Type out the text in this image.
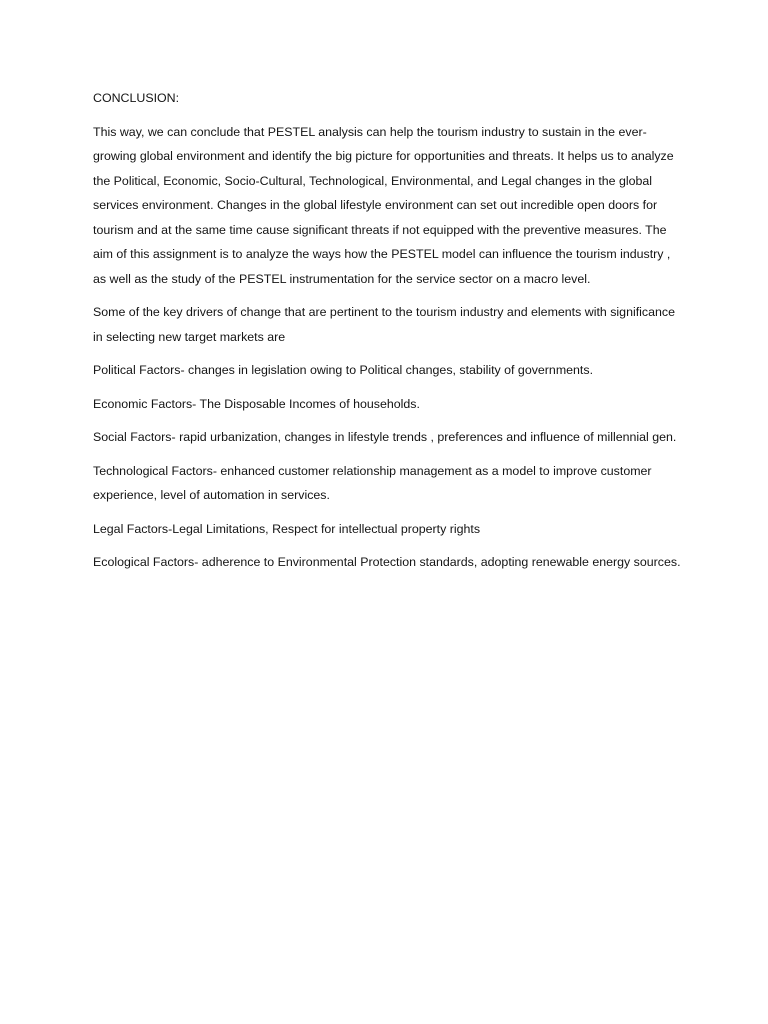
CONCLUSION:

This way, we can conclude that PESTEL analysis can help the tourism industry to sustain in the ever-growing global environment and identify the big picture for opportunities and threats. It helps us to analyze the Political, Economic, Socio-Cultural, Technological, Environmental, and Legal changes in the global services environment. Changes in the global lifestyle environment can set out incredible open doors for tourism and at the same time cause significant threats if not equipped with the preventive measures. The aim of this assignment is to analyze the ways how the PESTEL model can influence the tourism industry , as well as the study of the PESTEL instrumentation for the service sector on a macro level.

Some of the key drivers of change that are pertinent to the tourism industry and elements with significance in selecting new target markets are

Political Factors- changes in legislation owing to Political changes, stability of governments.

Economic Factors- The Disposable Incomes of households.

Social Factors- rapid urbanization, changes in lifestyle trends , preferences and influence of millennial gen.

Technological Factors- enhanced customer relationship management as a model to improve customer experience, level of automation in services.

Legal Factors-Legal Limitations, Respect for intellectual property rights

Ecological Factors- adherence to Environmental Protection standards, adopting renewable energy sources.
